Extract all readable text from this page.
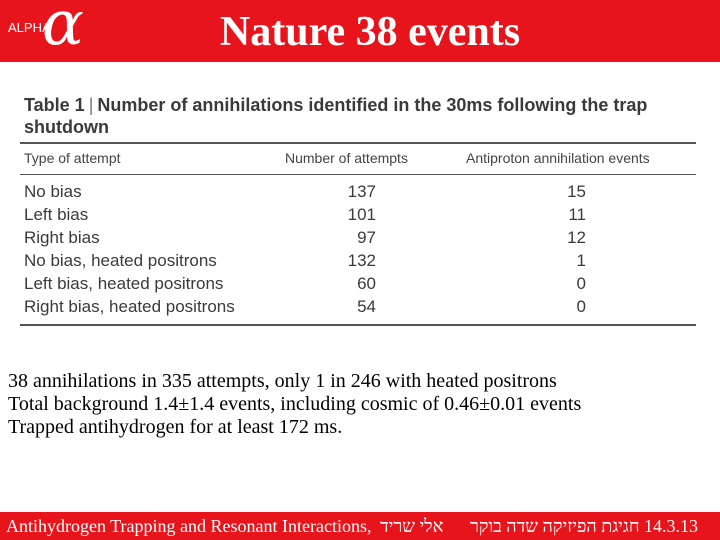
ALPHA
α	Nature 38 events
Table 1 | Number of annihilations identified in the 30ms following the trap shutdown
Type of attempt	Number of attempts	Antiproton annihilation events
No bias	137	15
Left bias	101	11
Right bias	97	12
No bias, heated positrons	132	1
Left bias, heated positrons	60	0
Right bias, heated positrons	54	0
38 annihilations in 335 attempts, only 1 in 246 with heated positrons
Total background 1.4±1.4 events, including cosmic of 0.46±0.01 events
Trapped antihydrogen for at least 172 ms.
Antihydrogen Trapping and Resonant Interactions, אלי שריד 14.3.13 חגיגת הפיזיקה שדה בוקר
